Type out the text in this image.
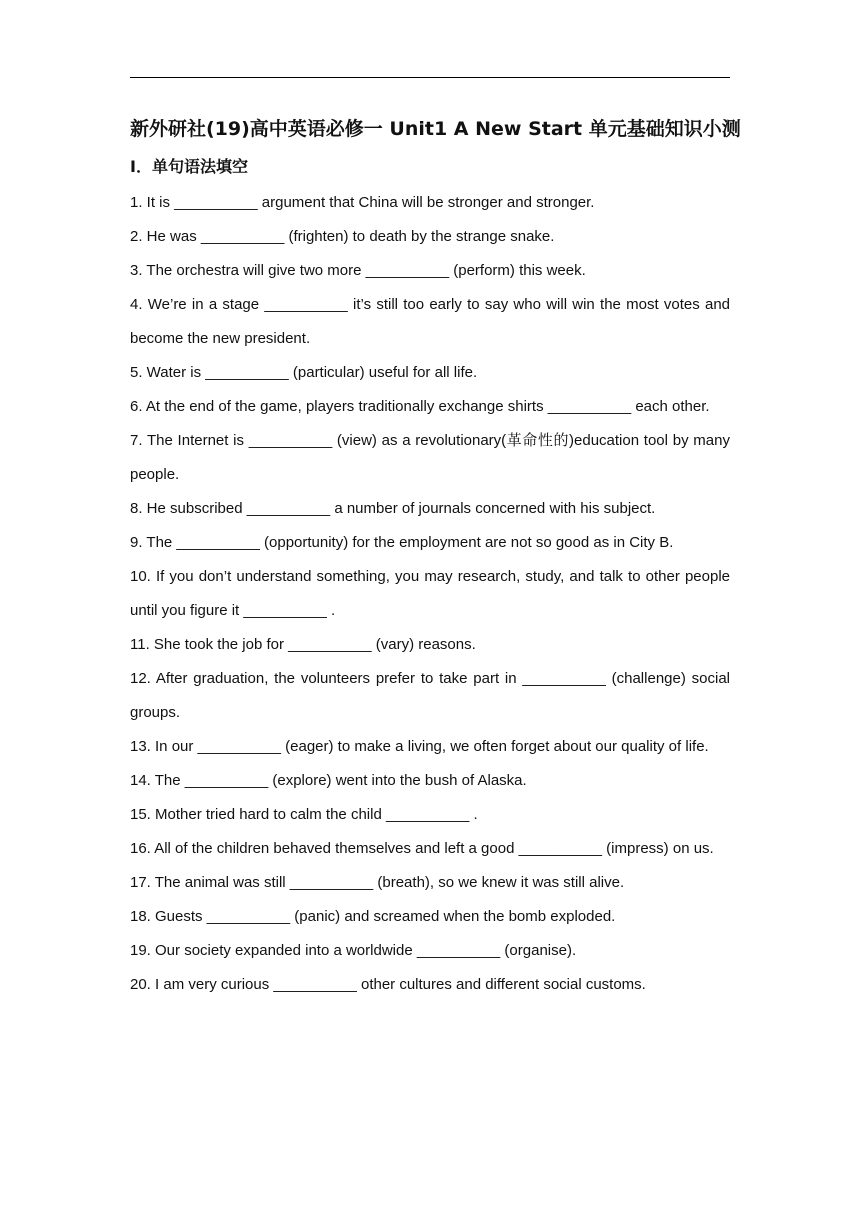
新外研社(19)高中英语必修一 Unit1 A New Start 单元基础知识小测
Ⅰ．单句语法填空

1. It is __________ argument that China will be stronger and stronger.

2. He was __________ (frighten) to death by the strange snake.

3. The orchestra will give two more __________ (perform) this week.

4. We’re in a stage __________ it’s still too early to say who will win the most votes and become the new president.

5. Water is __________ (particular) useful for all life.

6. At the end of the game, players traditionally exchange shirts __________ each other.

7. The Internet is __________ (view) as a revolutionary(革命性的)education tool by many people.

8. He subscribed __________ a number of journals concerned with his subject.

9. The __________ (opportunity) for the employment are not so good as in City B.

10. If you don’t understand something, you may research, study, and talk to other people until you figure it __________ .

11. She took the job for __________ (vary) reasons.

12. After graduation, the volunteers prefer to take part in __________ (challenge) social groups.

13. In our __________ (eager) to make a living, we often forget about our quality of life.

14. The __________ (explore) went into the bush of Alaska.

15. Mother tried hard to calm the child __________ .

16. All of the children behaved themselves and left a good __________ (impress) on us.

17. The animal was still __________ (breath), so we knew it was still alive.

18. Guests __________ (panic) and screamed when the bomb exploded.

19. Our society expanded into a worldwide __________ (organise).

20. I am very curious __________ other cultures and different social customs.
